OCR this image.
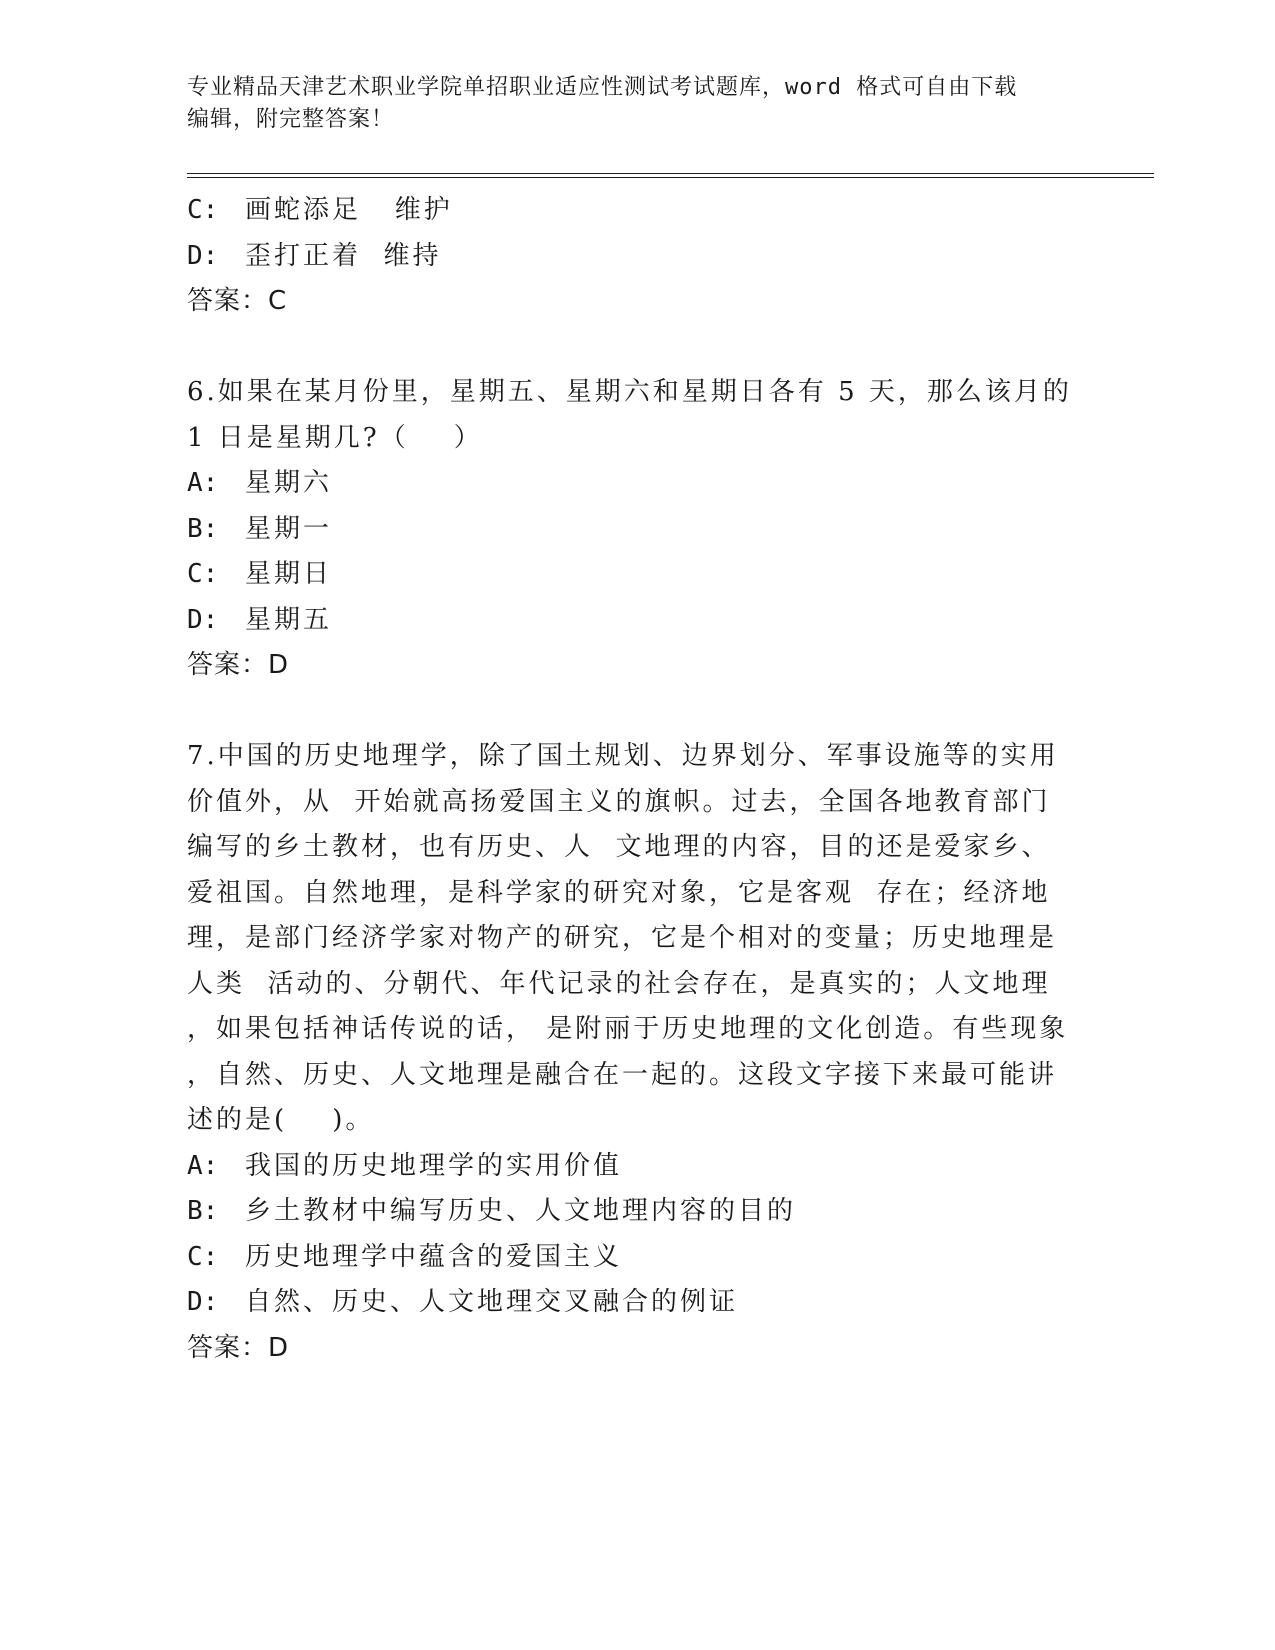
专业精品天津艺术职业学院单招职业适应性测试考试题库，word 格式可自由下载
编辑，附完整答案！
C: 画蛇添足   维护
D: 歪打正着  维持
答案：C
6.如果在某月份里，星期五、星期六和星期日各有 5 天，那么该月的
1 日是星期几?（    ）
A: 星期六
B: 星期一
C: 星期日
D: 星期五
答案：D
7.中国的历史地理学，除了国土规划、边界划分、军事设施等的实用
价值外，从  开始就高扬爱国主义的旗帜。过去，全国各地教育部门
编写的乡土教材，也有历史、人  文地理的内容，目的还是爱家乡、
爱祖国。自然地理，是科学家的研究对象，它是客观  存在；经济地
理，是部门经济学家对物产的研究，它是个相对的变量；历史地理是
人类  活动的、分朝代、年代记录的社会存在，是真实的；人文地理
，如果包括神话传说的话， 是附丽于历史地理的文化创造。有些现象
，自然、历史、人文地理是融合在一起的。这段文字接下来最可能讲
述的是(    )。
A: 我国的历史地理学的实用价值
B: 乡土教材中编写历史、人文地理内容的目的
C: 历史地理学中蕴含的爱国主义
D: 自然、历史、人文地理交叉融合的例证
答案：D
